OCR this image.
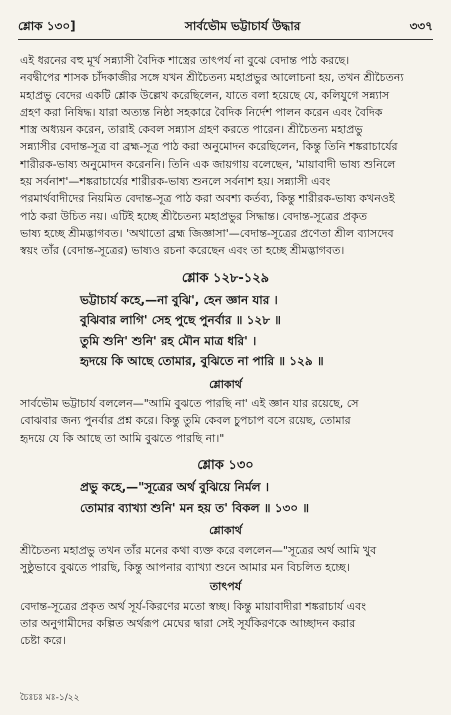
শ্লোক ১৩০]	সার্বভৌম ভট্টাচার্য উদ্ধার	৩৩৭
এই ধরনের বহু মূর্খ সন্ন্যাসী বৈদিক শাস্ত্রের তাৎপর্য না বুঝে বেদান্ত পাঠ করছে।
নবদ্বীপের শাসক চাঁদকাজীর সঙ্গে যখন শ্রীচৈতন্য মহাপ্রভুর আলোচনা হয়, তখন শ্রীচৈতন্য
মহাপ্রভু বেদের একটি শ্লোক উল্লেখ করেছিলেন, যাতে বলা হয়েছে যে, কলিযুগে সন্ন্যাস
গ্রহণ করা নিষিদ্ধ। যারা অত্যন্ত নিষ্ঠা সহকারে বৈদিক নির্দেশ পালন করেন এবং বৈদিক
শাস্ত্র অধ্যয়ন করেন, তারাই কেবল সন্ন্যাস গ্রহণ করতে পারেন। শ্রীচৈতন্য মহাপ্রভু
সন্ন্যাসীর বেদান্ত-সূত্র বা ব্রহ্ম-সূত্র পাঠ করা অনুমোদন করেছিলেন, কিন্তু তিনি শঙ্করাচার্যের
শারীরক-ভাষ্য অনুমোদন করেননি। তিনি এক জায়গায় বলেছেন, 'মায়াবাদী ভাষ্য শুনিলে
হয় সর্বনাশ'—শঙ্করাচার্যের শারীরক-ভাষ্য শুনলে সর্বনাশ হয়। সন্ন্যাসী এবং
পরমার্থবাদীদের নিয়মিত বেদান্ত-সূত্র পাঠ করা অবশ্য কর্তব্য, কিন্তু শারীরক-ভাষ্য কখনওই
পাঠ করা উচিত নয়। এটিই হচ্ছে শ্রীচৈতন্য মহাপ্রভুর সিদ্ধান্ত। বেদান্ত-সূত্রের প্রকৃত
ভাষ্য হচ্ছে শ্রীমদ্ভাগবত। 'অথাতো ব্রহ্ম জিজ্ঞাসা'—বেদান্ত-সূত্রের প্রণেতা শ্রীল ব্যাসদেব
স্বয়ং তাঁর (বেদান্ত-সূত্রের) ভাষ্যও রচনা করেছেন এবং তা হচ্ছে শ্রীমদ্ভাগবত।
শ্লোক ১২৮-১২৯
ভট্টাচার্য কহে,—না বুঝি', হেন জ্ঞান যার ।
বুঝিবার লাগি' সেহ পুছে পুনর্বার ॥ ১২৮ ॥
তুমি শুনি' শুনি' রহ মৌন মাত্র ধরি' ।
হৃদয়ে কি আছে তোমার, বুঝিতে না পারি ॥ ১২৯ ॥
শ্লোকার্থ
সার্বভৌম ভট্টাচার্য বললেন—"আমি বুঝতে পারছি না' এই জ্ঞান যার রয়েছে, সে
বোঝবার জন্য পুনর্বার প্রশ্ন করে। কিন্তু তুমি কেবল চুপচাপ বসে রয়েছ, তোমার
হৃদয়ে যে কি আছে তা আমি বুঝতে পারছি না।"
শ্লোক ১৩০
প্রভু কহে,—"সূত্রের অর্থ বুঝিয়ে নির্মল ।
তোমার ব্যাখ্যা শুনি' মন হয় ত' বিকল ॥ ১৩০ ॥
শ্লোকার্থ
শ্রীচৈতন্য মহাপ্রভু তখন তাঁর মনের কথা ব্যক্ত করে বললেন—"সূত্রের অর্থ আমি খুব
সুষ্ঠুভাবে বুঝতে পারছি, কিন্তু আপনার ব্যাখ্যা শুনে আমার মন বিচলিত হচ্ছে।
তাৎপর্য
বেদান্ত-সূত্রের প্রকৃত অর্থ সূর্য-কিরণের মতো স্বচ্ছ। কিন্তু মায়াবাদীরা শঙ্করাচার্য এবং
তার অনুগামীদের কল্পিত অর্থরূপ মেঘের দ্বারা সেই সূর্যকিরণকে আচ্ছাদন করার
চেষ্টা করে।
চৈঃচঃ মঃ-১/২২
